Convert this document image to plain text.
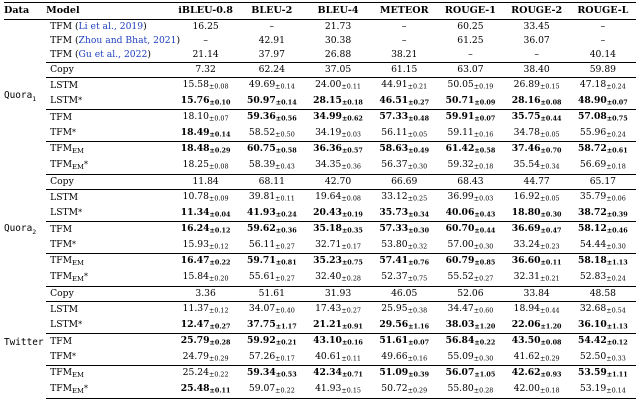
Data	Model	iBLEU-0.8	BLEU-2	BLEU-4	METEOR	ROUGE-1	ROUGE-2	ROUGE-L
Quora$_1$	TFM (Li et al., 2019)	16.25	–	21.73	–	60.25	33.45	–
	TFM (Zhou and Bhat, 2021)	–	42.91	30.38	–	61.25	36.07	–
	TFM (Gu et al., 2022)	21.14	37.97	26.88	38.21	–	–	40.14
	Copy	7.32	62.24	37.05	61.15	63.07	38.40	59.89
	LSTM	15.58±0.08	49.69±0.14	24.00±0.11	44.91±0.21	50.05±0.19	26.89±0.15	47.18±0.24
	LSTM*	15.76±0.10	50.97±0.14	28.15±0.18	46.51±0.27	50.71±0.09	28.16±0.08	48.90±0.07
	TFM	18.10±0.07	59.36±0.56	34.99±0.62	57.33±0.48	59.91±0.07	35.75±0.44	57.08±0.75
	TFM*	18.49±0.14	58.52±0.50	34.19±0.03	56.11±0.05	59.11±0.16	34.78±0.05	55.96±0.24
	$TFM_{EM}$	18.48±0.29	60.75±0.58	36.36±0.57	58.63±0.49	61.42±0.58	37.46±0.70	58.72±0.61
	$TFM_{EM}*$	18.25±0.08	58.39±0.43	34.35±0.36	56.37±0.30	59.32±0.18	35.54±0.34	56.69±0.18
Quora$_2$	Copy	11.84	68.11	42.70	66.69	68.43	44.77	65.17
	LSTM	10.78±0.09	39.81±0.11	19.64±0.08	33.12±0.25	36.99±0.03	16.92±0.05	35.79±0.06
	LSTM*	11.34±0.04	41.93±0.24	20.43±0.19	35.73±0.34	40.06±0.43	18.80±0.30	38.72±0.39
	TFM	16.24±0.12	59.62±0.36	35.18±0.35	57.33±0.30	60.70±0.44	36.69±0.47	58.12±0.46
	TFM*	15.93±0.12	56.11±0.27	32.71±0.17	53.80±0.32	57.00±0.30	33.24±0.23	54.44±0.30
	$TFM_{EM}$	16.47±0.22	59.71±0.81	35.23±0.75	57.41±0.76	60.79±0.85	36.60±0.11	58.18±1.13
	$TFM_{EM}*$	15.84±0.20	55.61±0.27	32.40±0.28	52.37±0.75	55.52±0.27	32.31±0.21	52.83±0.24
Twitter	Copy	3.36	51.61	31.93	46.05	52.06	33.84	48.58
	LSTM	11.37±0.12	34.07±0.40	17.43±0.27	25.95±0.38	34.47±0.60	18.94±0.44	32.68±0.54
	LSTM*	12.47±0.27	37.75±1.17	21.21±0.91	29.56±1.16	38.03±1.20	22.06±1.20	36.10±1.13
	TFM	25.79±0.28	59.92±0.21	43.10±0.16	51.61±0.07	56.84±0.22	43.50±0.08	54.42±0.12
	TFM*	24.79±0.29	57.26±0.17	40.61±0.11	49.66±0.16	55.09±0.30	41.62±0.29	52.50±0.33
	$TFM_{EM}$	25.24±0.22	59.34±0.53	42.34±0.71	51.09±0.39	56.07±1.05	42.62±0.93	53.59±1.11
	$TFM_{EM}*$	25.48±0.11	59.07±0.22	41.93±0.15	50.72±0.29	55.80±0.28	42.00±0.18	53.19±0.14
